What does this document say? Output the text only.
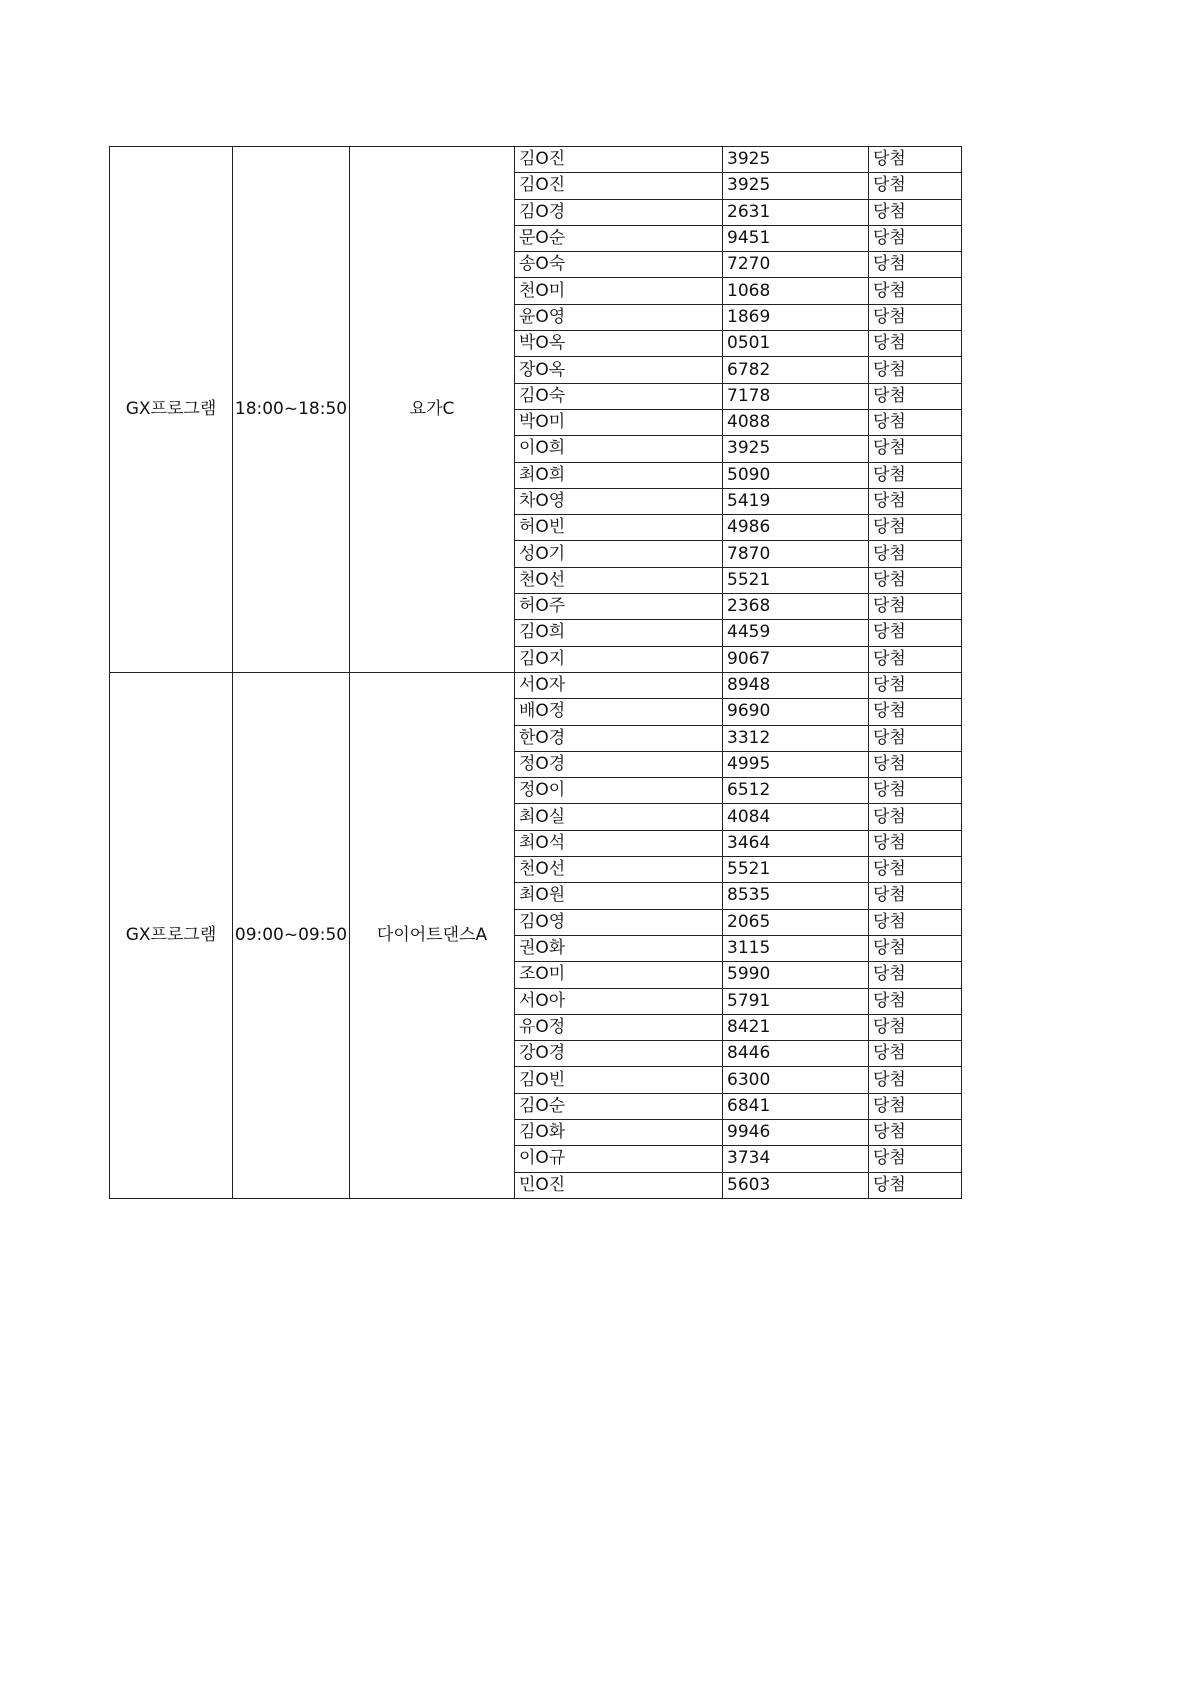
GX프로그램	18:00~18:50	요가C	김O진	3925	당첨
			김O진	3925	당첨
			김O경	2631	당첨
			문O순	9451	당첨
			송O숙	7270	당첨
			천O미	1068	당첨
			윤O영	1869	당첨
			박O옥	0501	당첨
			장O옥	6782	당첨
			김O숙	7178	당첨
			박O미	4088	당첨
			이O희	3925	당첨
			최O희	5090	당첨
			차O영	5419	당첨
			허O빈	4986	당첨
			성O기	7870	당첨
			천O선	5521	당첨
			허O주	2368	당첨
			김O희	4459	당첨
			김O지	9067	당첨
GX프로그램	09:00~09:50	다이어트댄스A	서O자	8948	당첨
			배O정	9690	당첨
			한O경	3312	당첨
			정O경	4995	당첨
			정O이	6512	당첨
			최O실	4084	당첨
			최O석	3464	당첨
			천O선	5521	당첨
			최O원	8535	당첨
			김O영	2065	당첨
			권O화	3115	당첨
			조O미	5990	당첨
			서O아	5791	당첨
			유O정	8421	당첨
			강O경	8446	당첨
			김O빈	6300	당첨
			김O순	6841	당첨
			김O화	9946	당첨
			이O규	3734	당첨
			민O진	5603	당첨
